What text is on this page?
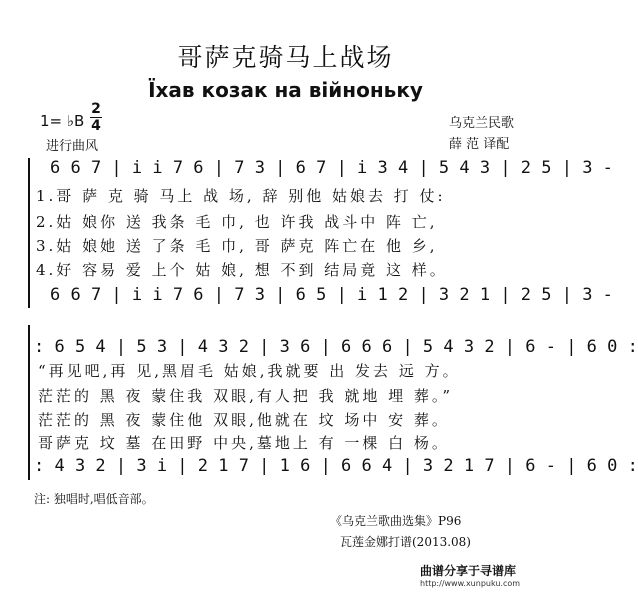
哥萨克骑马上战场
Їхав козак на війноньку
1= ♭B
2
4
进行曲风
乌克兰民歌
薛 范 译配
6 6 7 | i i 7 6 | 7 3 | 6 7 | i 3 4 | 5 4 3 | 2 5 | 3 -
1.哥 萨 克 骑 马上 战 场, 辞 别他 姑娘去 打 仗:
2.姑 娘你 送 我条 毛 巾, 也 许我 战斗中 阵 亡,
3.姑 娘她 送 了条 毛 巾, 哥 萨克 阵亡在 他 乡,
4.好 容易 爱 上个 姑 娘, 想 不到 结局竟 这 样。
6 6 7 | i i 7 6 | 7 3 | 6 5 | i 1 2 | 3 2 1 | 2 5 | 3 -
: 6 5 4 | 5 3 | 4 3 2 | 3 6 | 6 6 6 | 5 4 3 2 | 6 - | 6 0 :
“再见吧,再 见,黑眉毛 姑娘,我就要 出 发去 远 方。
茫茫的 黑 夜 蒙住我 双眼,有人把 我 就地 埋 葬。”
茫茫的 黑 夜 蒙住他 双眼,他就在 坟 场中 安 葬。
哥萨克 坟 墓 在田野 中央,墓地上 有 一棵 白 杨。
: 4 3 2 | 3 i | 2 1 7 | 1 6 | 6 6 4 | 3 2 1 7 | 6 - | 6 0 :
注: 独唱时,唱低音部。
《乌克兰歌曲选集》P96
瓦莲金娜打谱(2013.08)
曲谱分享于寻谱库
http://www.xunpuku.com
